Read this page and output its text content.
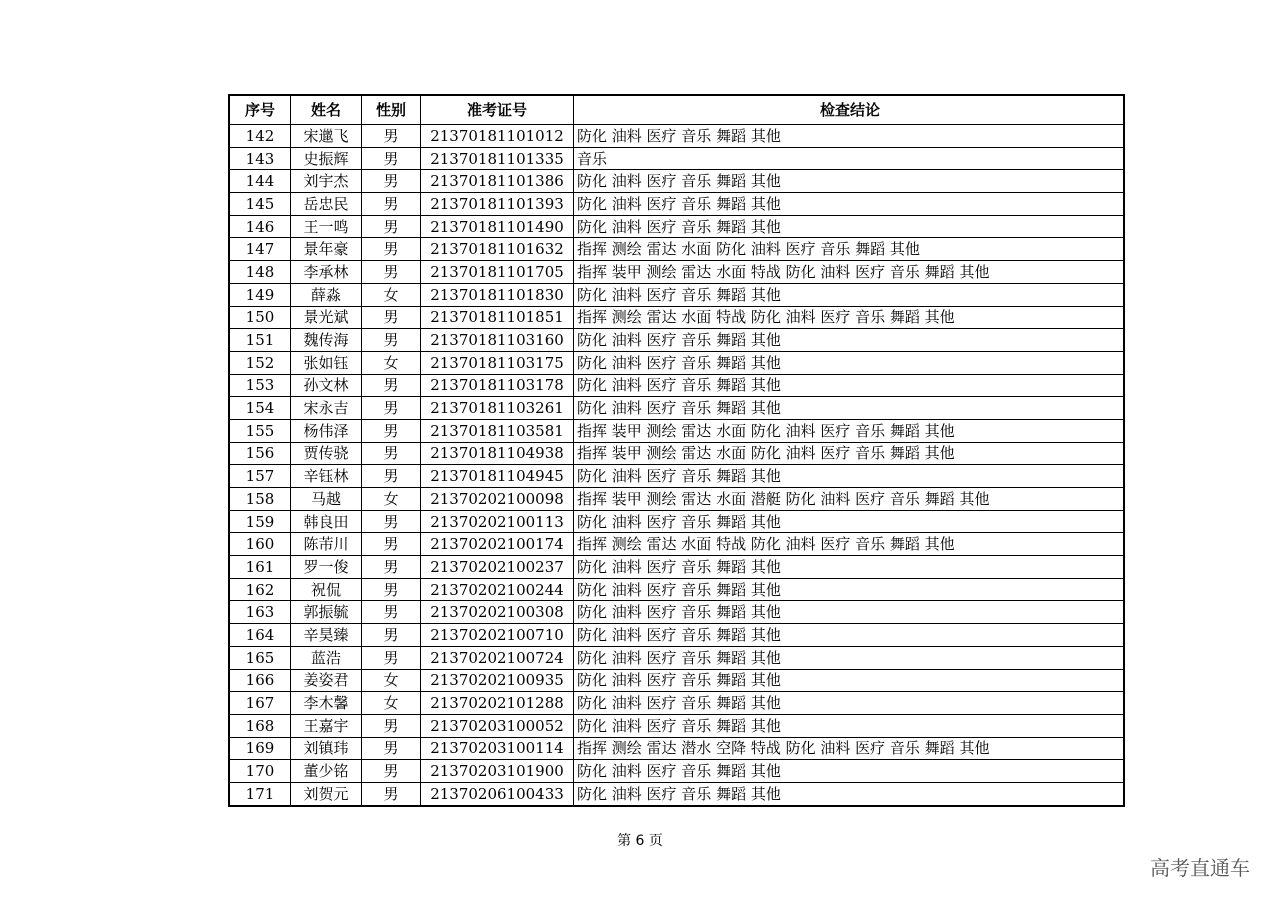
序号	姓名	性别	准考证号	检查结论
142	宋邋飞	男	21370181101012	防化 油料 医疗 音乐 舞蹈 其他
143	史振辉	男	21370181101335	音乐
144	刘宇杰	男	21370181101386	防化 油料 医疗 音乐 舞蹈 其他
145	岳忠民	男	21370181101393	防化 油料 医疗 音乐 舞蹈 其他
146	王一鸣	男	21370181101490	防化 油料 医疗 音乐 舞蹈 其他
147	景年豪	男	21370181101632	指挥 测绘 雷达 水面 防化 油料 医疗 音乐 舞蹈 其他
148	李承林	男	21370181101705	指挥 装甲 测绘 雷达 水面 特战 防化 油料 医疗 音乐 舞蹈 其他
149	薛淼	女	21370181101830	防化 油料 医疗 音乐 舞蹈 其他
150	景光斌	男	21370181101851	指挥 测绘 雷达 水面 特战 防化 油料 医疗 音乐 舞蹈 其他
151	魏传海	男	21370181103160	防化 油料 医疗 音乐 舞蹈 其他
152	张如钰	女	21370181103175	防化 油料 医疗 音乐 舞蹈 其他
153	孙文林	男	21370181103178	防化 油料 医疗 音乐 舞蹈 其他
154	宋永吉	男	21370181103261	防化 油料 医疗 音乐 舞蹈 其他
155	杨伟泽	男	21370181103581	指挥 装甲 测绘 雷达 水面 防化 油料 医疗 音乐 舞蹈 其他
156	贾传骁	男	21370181104938	指挥 装甲 测绘 雷达 水面 防化 油料 医疗 音乐 舞蹈 其他
157	辛钰林	男	21370181104945	防化 油料 医疗 音乐 舞蹈 其他
158	马越	女	21370202100098	指挥 装甲 测绘 雷达 水面 潜艇 防化 油料 医疗 音乐 舞蹈 其他
159	韩良田	男	21370202100113	防化 油料 医疗 音乐 舞蹈 其他
160	陈芾川	男	21370202100174	指挥 测绘 雷达 水面 特战 防化 油料 医疗 音乐 舞蹈 其他
161	罗一俊	男	21370202100237	防化 油料 医疗 音乐 舞蹈 其他
162	祝侃	男	21370202100244	防化 油料 医疗 音乐 舞蹈 其他
163	郭振毓	男	21370202100308	防化 油料 医疗 音乐 舞蹈 其他
164	辛昊臻	男	21370202100710	防化 油料 医疗 音乐 舞蹈 其他
165	蓝浩	男	21370202100724	防化 油料 医疗 音乐 舞蹈 其他
166	姜姿君	女	21370202100935	防化 油料 医疗 音乐 舞蹈 其他
167	李木馨	女	21370202101288	防化 油料 医疗 音乐 舞蹈 其他
168	王嘉宇	男	21370203100052	防化 油料 医疗 音乐 舞蹈 其他
169	刘镇玮	男	21370203100114	指挥 测绘 雷达 潜水 空降 特战 防化 油料 医疗 音乐 舞蹈 其他
170	董少铭	男	21370203101900	防化 油料 医疗 音乐 舞蹈 其他
171	刘贺元	男	21370206100433	防化 油料 医疗 音乐 舞蹈 其他
第 6 页
高考直通车
